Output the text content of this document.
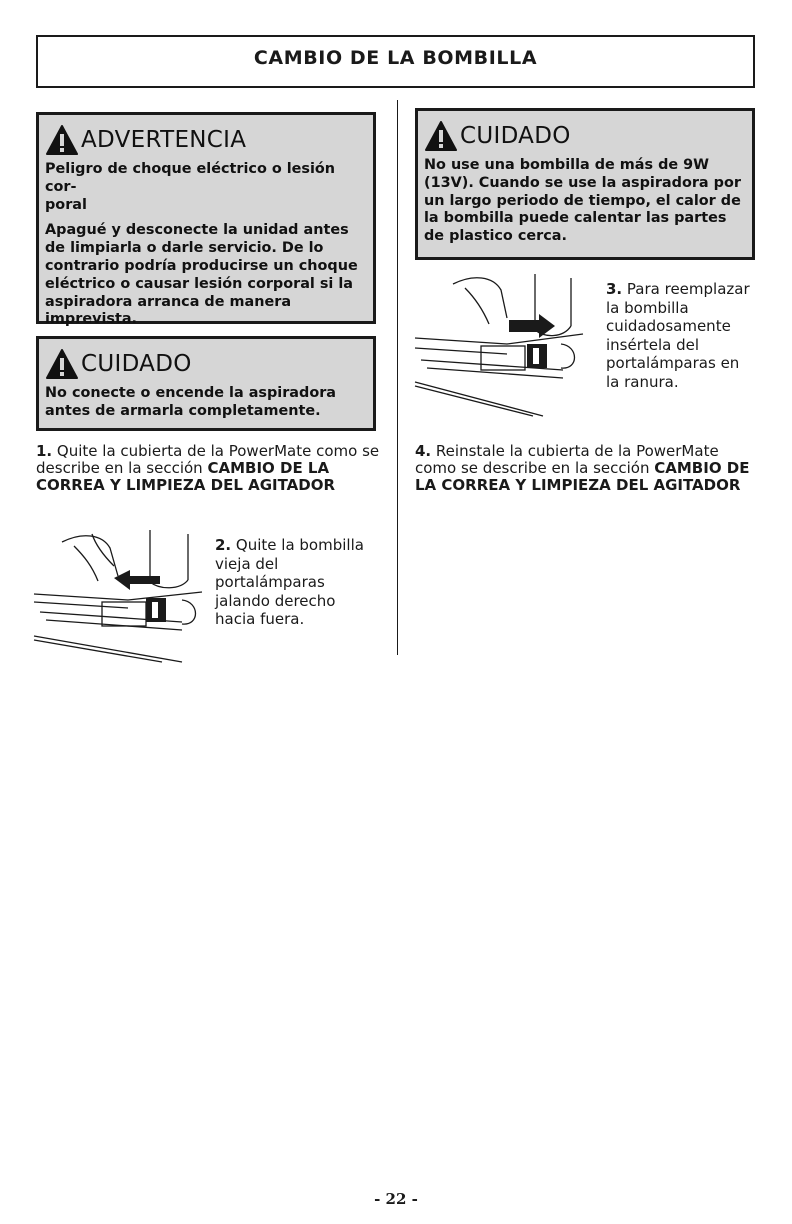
CAMBIO DE LA BOMBILLA
ADVERTENCIA

Peligro de choque eléctrico o lesión cor-
poral

Apagué y desconecte la unidad antes de limpiarla o darle servicio. De lo contrario podría producirse un choque eléctrico o causar lesión corporal si la aspiradora arranca de manera imprevista.

CUIDADO

No conecte o encende la aspiradora antes de armarla completamente.

CUIDADO

No use una bombilla de más de 9W (13V). Cuando se use la aspiradora por un largo periodo de tiempo, el calor de la bombilla puede calentar las partes de plastico cerca.

1. Quite la cubierta de la PowerMate como se describe en la sección CAMBIO DE LA CORREA Y LIMPIEZA DEL AGITADOR
2. Quite la bombilla vieja del portalámparas jalando derecho hacia fuera.
3. Para reemplazar la bombilla cuidadosamente insértela del portalámparas en la ranura.
4. Reinstale la cubierta de la PowerMate como se describe en la sección CAMBIO DE LA CORREA Y LIMPIEZA DEL AGITADOR
- 22 -
